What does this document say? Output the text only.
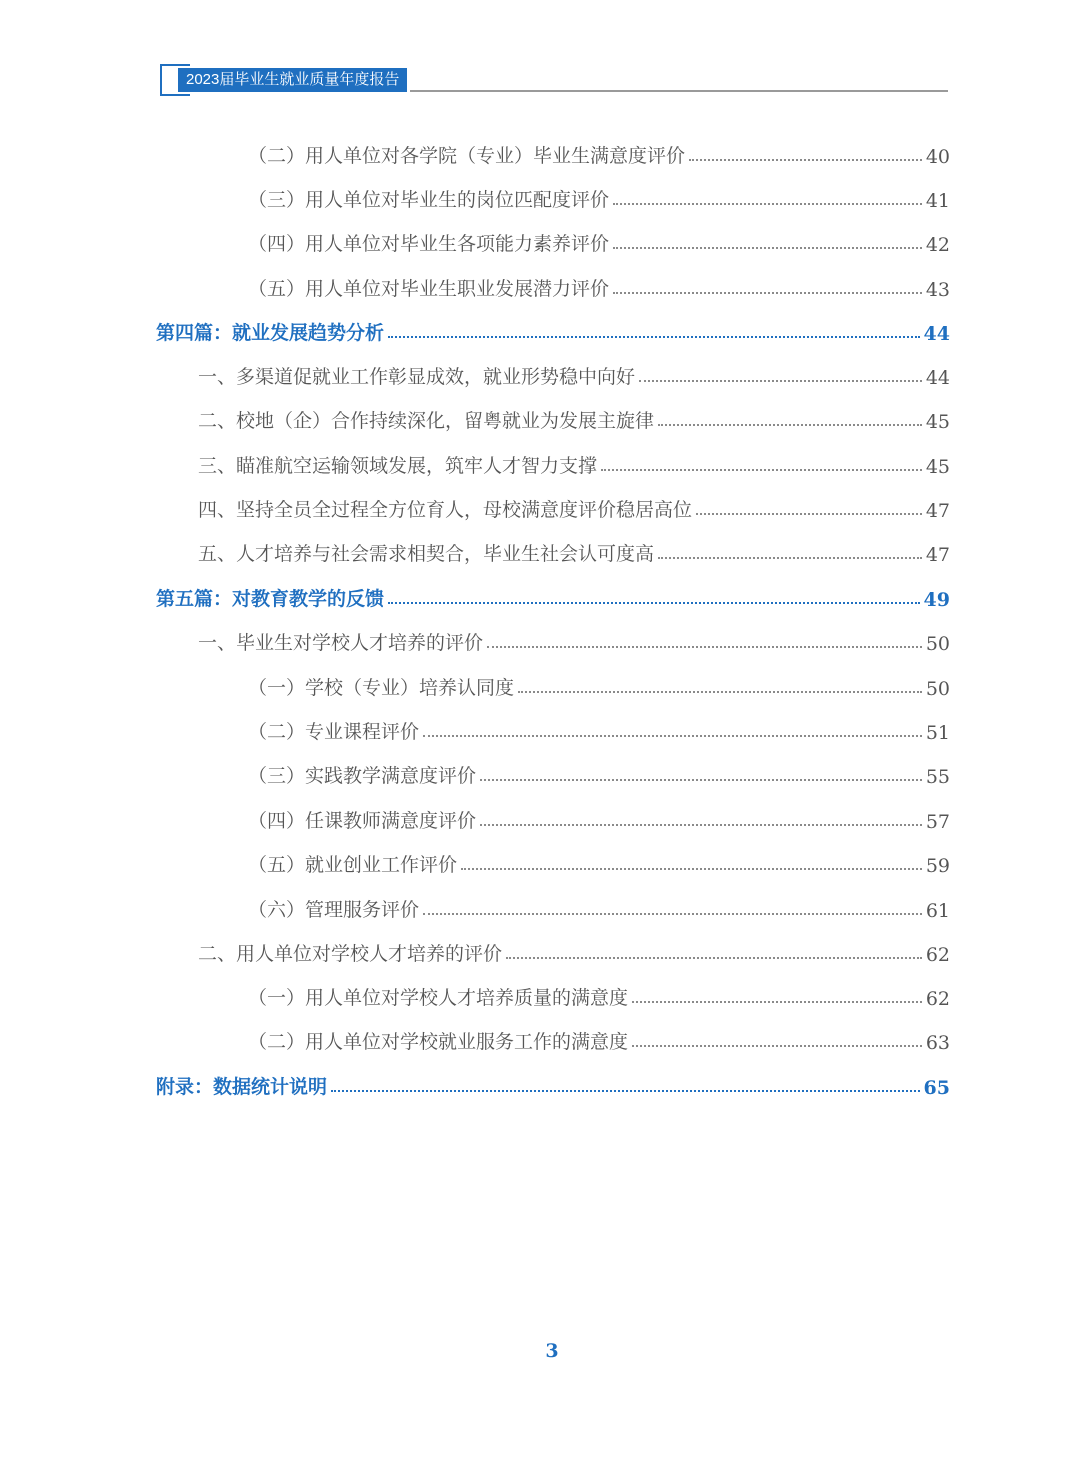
2023届毕业生就业质量年度报告
（二）用人单位对各学院（专业）毕业生满意度评价	40
（三）用人单位对毕业生的岗位匹配度评价	41
（四）用人单位对毕业生各项能力素养评价	42
（五）用人单位对毕业生职业发展潜力评价	43
第四篇：就业发展趋势分析	44
一、多渠道促就业工作彰显成效，就业形势稳中向好	44
二、校地（企）合作持续深化，留粤就业为发展主旋律	45
三、瞄准航空运输领域发展，筑牢人才智力支撑	45
四、坚持全员全过程全方位育人，母校满意度评价稳居高位	47
五、人才培养与社会需求相契合，毕业生社会认可度高	47
第五篇：对教育教学的反馈	49
一、毕业生对学校人才培养的评价	50
（一）学校（专业）培养认同度	50
（二）专业课程评价	51
（三）实践教学满意度评价	55
（四）任课教师满意度评价	57
（五）就业创业工作评价	59
（六）管理服务评价	61
二、用人单位对学校人才培养的评价	62
（一）用人单位对学校人才培养质量的满意度	62
（二）用人单位对学校就业服务工作的满意度	63
附录：数据统计说明	65
3
